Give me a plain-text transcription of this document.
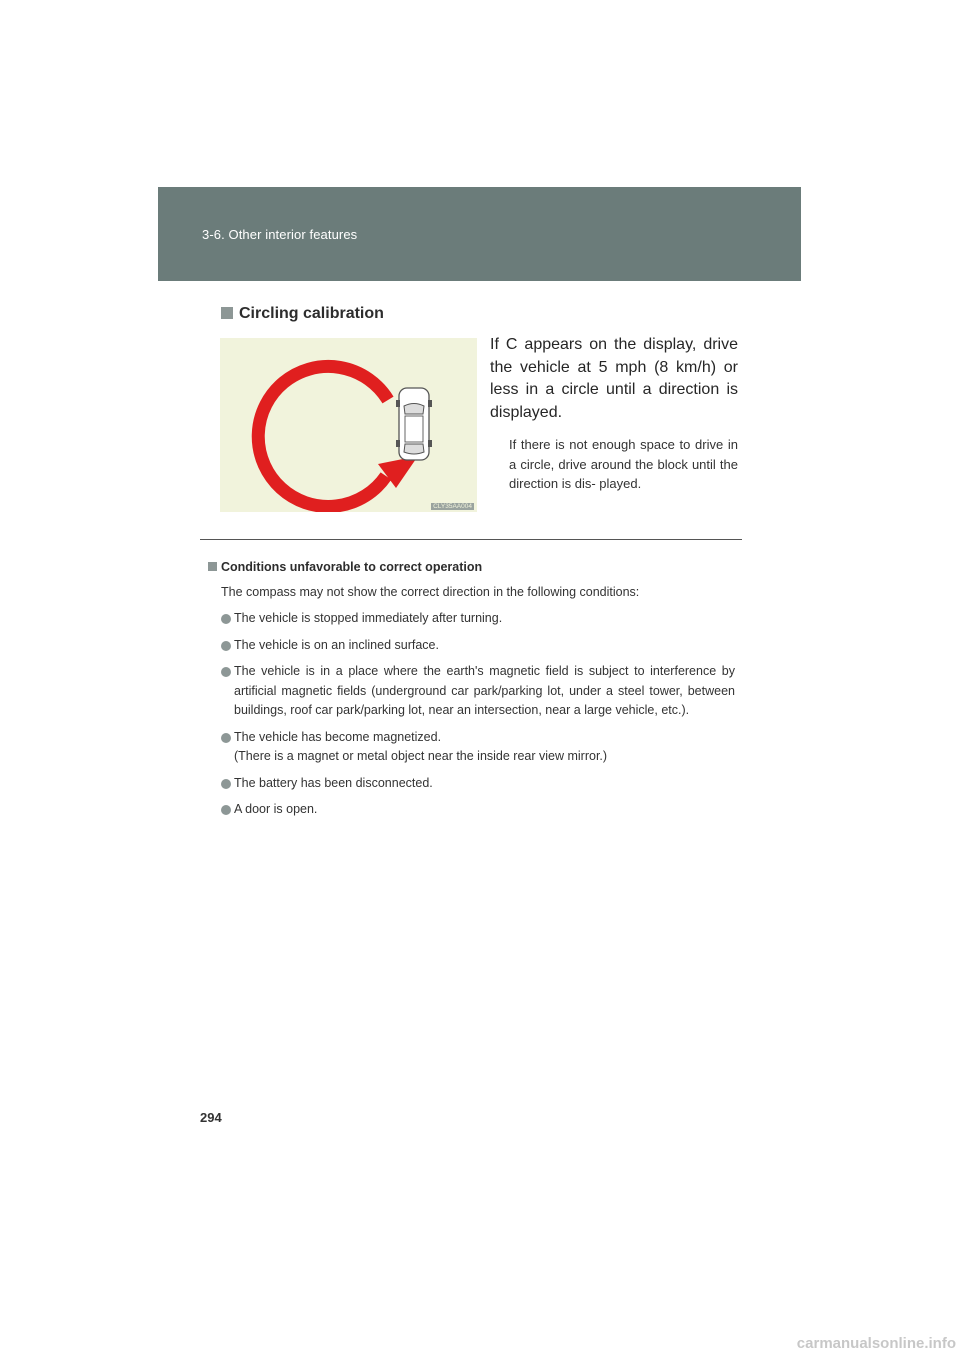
3-6. Other interior features
Circling calibration
CLY35AA004
If C appears on the display, drive the vehicle at 5 mph (8 km/h) or less in a circle until a direction is displayed.
If there is not enough space to drive in a circle, drive around the block until the direction is dis- played.
Conditions unfavorable to correct operation
The compass may not show the correct direction in the following conditions:
The vehicle is stopped immediately after turning.
The vehicle is on an inclined surface.
The vehicle is in a place where the earth's magnetic field is subject to interference by artificial magnetic fields (underground car park/parking lot, under a steel tower, between buildings, roof car park/parking lot, near an intersection, near a large vehicle, etc.).
The vehicle has become magnetized.
(There is a magnet or metal object near the inside rear view mirror.)
The battery has been disconnected.
A door is open.
294
carmanualsonline.info
